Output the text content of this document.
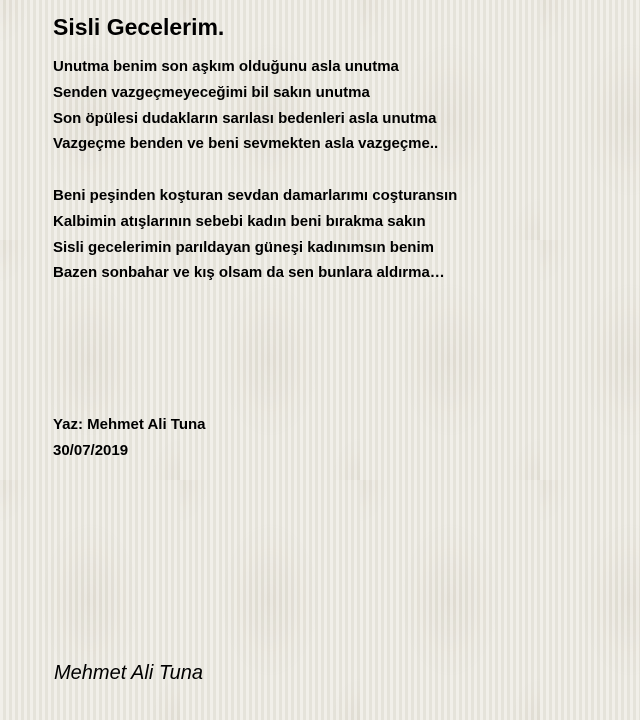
Sisli Gecelerim.
Unutma benim son aşkım olduğunu asla unutma
Senden vazgeçmeyeceğimi bil sakın unutma
Son öpülesi dudakların sarılası bedenleri asla unutma
Vazgeçme benden ve beni sevmekten asla vazgeçme..
Beni peşinden koşturan sevdan damarlarımı coşturansın
Kalbimin atışlarının sebebi kadın beni bırakma sakın
Sisli gecelerimin parıldayan güneşi kadınımsın benim
Bazen sonbahar ve kış olsam da sen bunlara aldırma…
Yaz: Mehmet Ali Tuna
30/07/2019
Mehmet Ali Tuna
